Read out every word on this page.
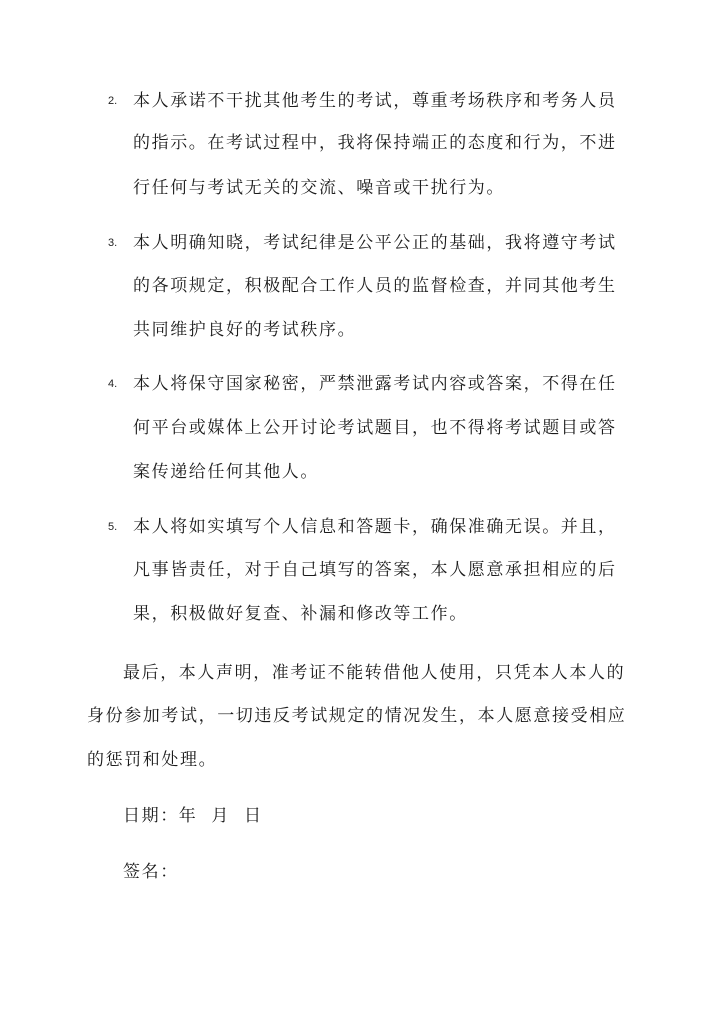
2. 本人承诺不干扰其他考生的考试，尊重考场秩序和考务人员
的指示。在考试过程中，我将保持端正的态度和行为，不进
行任何与考试无关的交流、噪音或干扰行为。
3. 本人明确知晓，考试纪律是公平公正的基础，我将遵守考试
的各项规定，积极配合工作人员的监督检查，并同其他考生
共同维护良好的考试秩序。
4. 本人将保守国家秘密，严禁泄露考试内容或答案，不得在任
何平台或媒体上公开讨论考试题目，也不得将考试题目或答
案传递给任何其他人。
5. 本人将如实填写个人信息和答题卡，确保准确无误。并且，
凡事皆责任，对于自己填写的答案，本人愿意承担相应的后
果，积极做好复查、补漏和修改等工作。
最后，本人声明，准考证不能转借他人使用，只凭本人本人的
身份参加考试，一切违反考试规定的情况发生，本人愿意接受相应
的惩罚和处理。
日期：年  月  日
签名：
